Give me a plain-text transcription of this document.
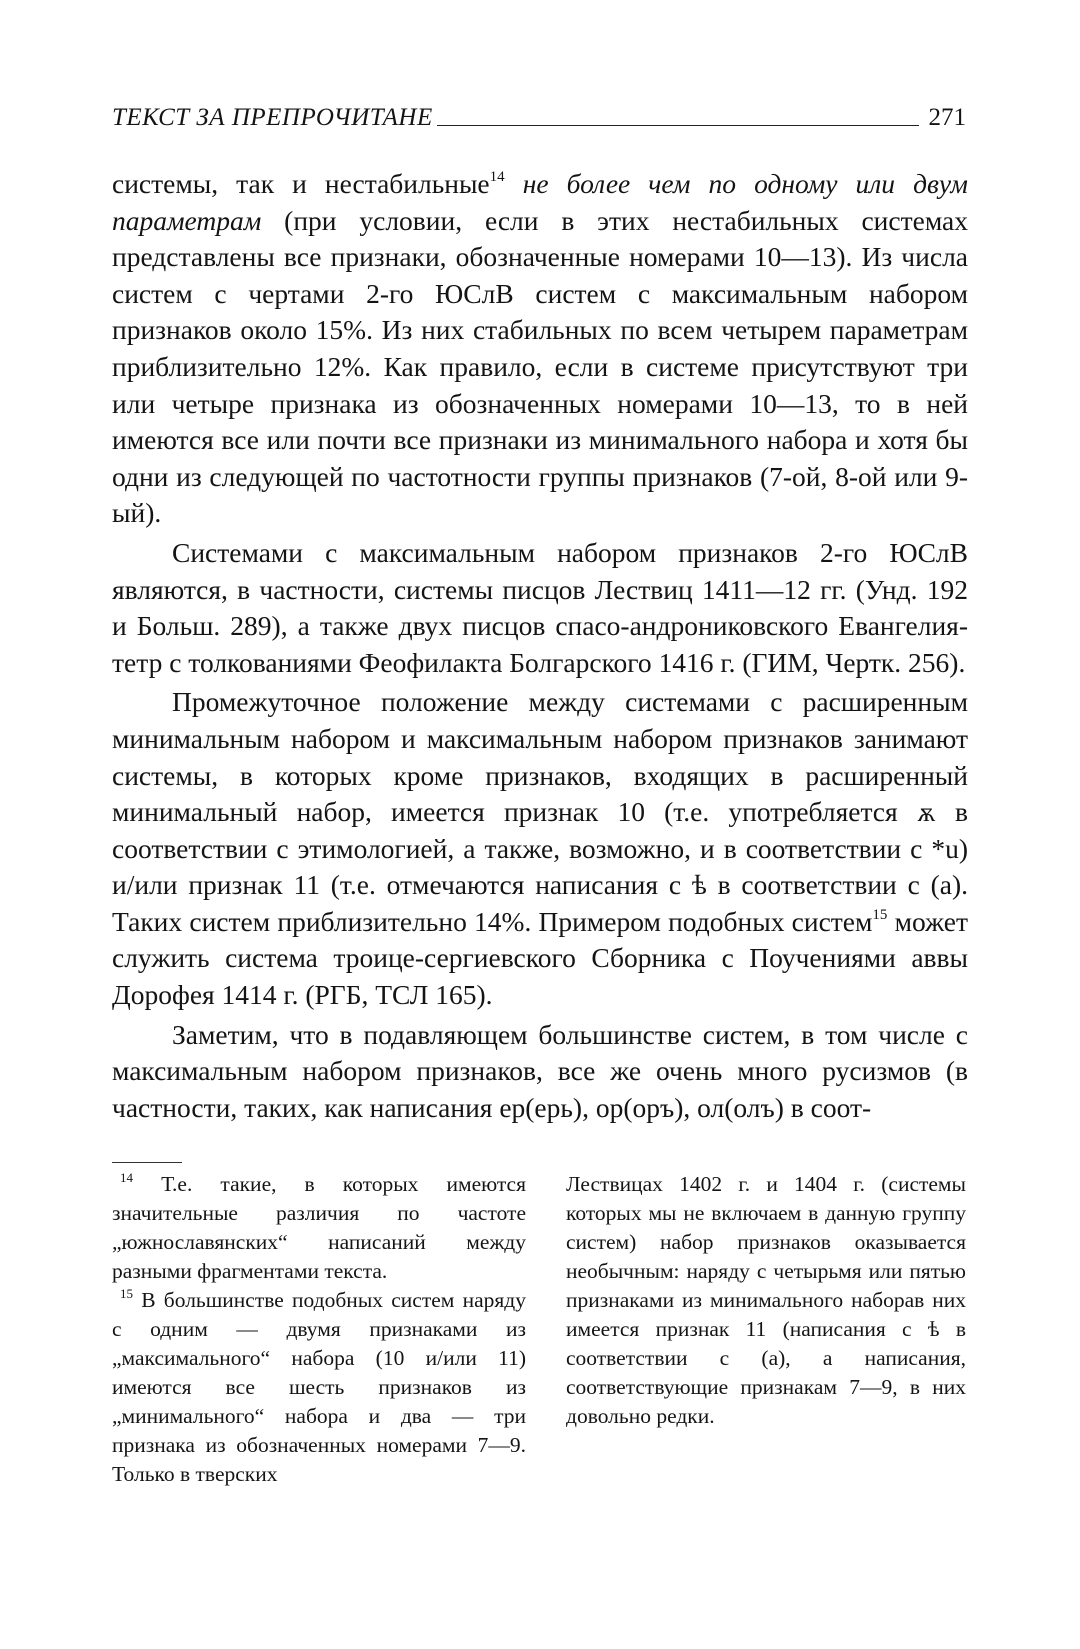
ТЕКСТ ЗА ПРЕПРОЧИТАНЕ	271

системы, так и нестабильные$^{14}$ не более чем по одному или двум параметрам (при условии, если в этих нестабильных системах представлены все признаки, обозначенные номерами 10—13). Из числа систем с чертами 2-го ЮСлВ систем с максимальным набором признаков около 15%. Из них стабильных по всем четырем параметрам приблизительно 12%. Как правило, если в системе присутствуют три или четыре признака из обозначенных номерами 10—13, то в ней имеются все или почти все признаки из минимального набора и хотя бы одни из следующей по частотности группы признаков (7-ой, 8-ой или 9-ый).

Системами с максимальным набором признаков 2-го ЮСлВ являются, в частности, системы писцов Лествиц 1411—12 гг. (Унд. 192 и Больш. 289), а также двух писцов спасо-андрониковского Евангелия-тетр с толкованиями Феофилакта Болгарского 1416 г. (ГИМ, Чертк. 256).

Промежуточное положение между системами с расширенным минимальным набором и максимальным набором признаков занимают системы, в которых кроме признаков, входящих в расширенный минимальный набор, имеется признак 10 (т.е. употребляется ѫ в соответствии с этимологией, а также, возможно, и в соответствии с *u) и/или признак 11 (т.е. отмечаются написания с ѣ в соответствии с (а). Таких систем приблизительно 14%. Примером подобных систем$^{15}$ может служить система троице-сергиевского Сборника с Поучениями аввы Дорофея 1414 г. (РГБ, ТСЛ 165).

Заметим, что в подавляющем большинстве систем, в том числе с максимальным набором признаков, все же очень много русизмов (в частности, таких, как написания ер(ерь), ор(оръ), ол(олъ) в соот-

$^{14}$ Т.е. такие, в которых имеются значительные различия по частоте „южнославянских“ написаний между разными фрагментами текста.

$^{15}$ В большинстве подобных систем наряду с одним — двумя признаками из „максимального“ набора (10 и/или 11) имеются все шесть признаков из „минимального“ набора и два — три признака из обозначенных номерами 7—9. Только в тверских

Лествицах 1402 г. и 1404 г. (системы которых мы не включаем в данную группу систем) набор признаков оказывается необычным: наряду с четырьмя или пятью признаками из минимального наборав них имеется признак 11 (написания с ѣ в соответствии с (а), а написания, соответствующие признакам 7—9, в них довольно редки.
